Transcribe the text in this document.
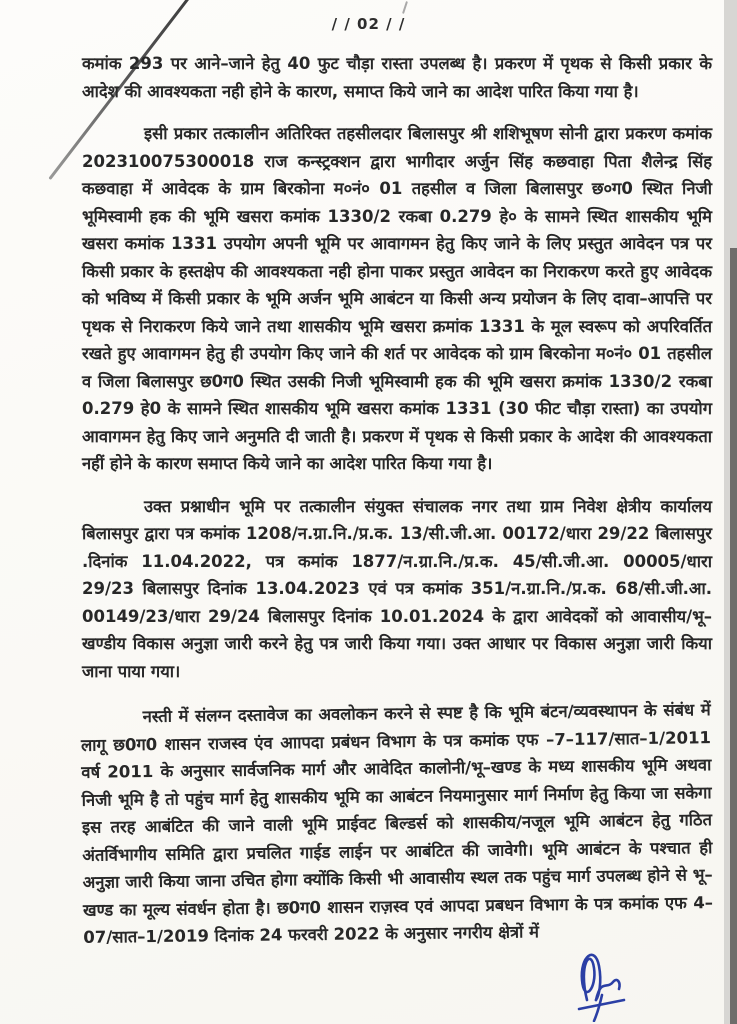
/ / 02 / /

कमांक 293 पर आने–जाने हेतु 40 फुट चौड़ा रास्ता उपलब्ध है। प्रकरण में पृथक से किसी प्रकार के आदेश की आवश्यकता नही होने के कारण, समाप्त किये जाने का आदेश पारित किया गया है।

इसी प्रकार तत्कालीन अतिरिक्त तहसीलदार बिलासपुर श्री शशिभूषण सोनी द्वारा प्रकरण कमांक 202310075300018 राज कन्स्ट्रक्शन द्वारा भागीदार अर्जुन सिंह कछवाहा पिता शैलेन्द्र सिंह कछवाहा में आवेदक के ग्राम बिरकोना म०नं० 01 तहसील व जिला बिलासपुर छ०ग0 स्थित निजी भूमिस्वामी हक की भूमि खसरा कमांक 1330/2 रकबा 0.279 हे० के सामने स्थित शासकीय भूमि खसरा कमांक 1331 उपयोग अपनी भूमि पर आवागमन हेतु किए जाने के लिए प्रस्तुत आवेदन पत्र पर किसी प्रकार के हस्तक्षेप की आवश्यकता नही होना पाकर प्रस्तुत आवेदन का निराकरण करते हुए आवेदक को भविष्य में किसी प्रकार के भूमि अर्जन भूमि आबंटन या किसी अन्य प्रयोजन के लिए दावा–आपत्ति पर पृथक से निराकरण किये जाने तथा शासकीय भूमि खसरा क्रमांक 1331 के मूल स्वरूप को अपरिवर्तित रखते हुए आवागमन हेतु ही उपयोग किए जाने की शर्त पर आवेदक को ग्राम बिरकोना म०नं० 01 तहसील व जिला बिलासपुर छ0ग0 स्थित उसकी निजी भूमिस्वामी हक की भूमि खसरा क्रमांक 1330/2 रकबा 0.279 हे0 के सामने स्थित शासकीय भूमि खसरा कमांक 1331 (30 फीट चौड़ा रास्ता) का उपयोग आवागमन हेतु किए जाने अनुमति दी जाती है। प्रकरण में पृथक से किसी प्रकार के आदेश की आवश्यकता नहीं होने के कारण समाप्त किये जाने का आदेश पारित किया गया है।

उक्त प्रश्नाधीन भूमि पर तत्कालीन संयुक्त संचालक नगर तथा ग्राम निवेश क्षेत्रीय कार्यालय बिलासपुर द्वारा पत्र कमांक 1208/न.ग्रा.नि./प्र.क. 13/सी.जी.आ. 00172/धारा 29/22 बिलासपुर .दिनांक 11.04.2022, पत्र कमांक 1877/न.ग्रा.नि./प्र.क. 45/सी.जी.आ. 00005/धारा 29/23 बिलासपुर दिनांक 13.04.2023 एवं पत्र कमांक 351/न.ग्रा.नि./प्र.क. 68/सी.जी.आ. 00149/23/धारा 29/24 बिलासपुर दिनांक 10.01.2024 के द्वारा आवेदकों को आवासीय/भू–खण्डीय विकास अनुज्ञा जारी करने हेतु पत्र जारी किया गया। उक्त आधार पर विकास अनुज्ञा जारी किया जाना पाया गया।

नस्ती में संलग्न दस्तावेज का अवलोकन करने से स्पष्ट है कि भूमि बंटन/व्यवस्थापन के संबंध में लागू छ0ग0 शासन राजस्व एंव आापदा प्रबंधन विभाग के पत्र कमांक एफ –7–117/सात–1/2011 वर्ष 2011 के अनुसार सार्वजनिक मार्ग और आवेदित कालोनी/भू–खण्ड के मध्य शासकीय भूमि अथवा निजी भूमि है तो पहुंच मार्ग हेतु शासकीय भूमि का आबंटन नियमानुसार मार्ग निर्माण हेतु किया जा सकेगा इस तरह आबंटित की जाने वाली भूमि प्राईवट बिल्डर्स को शासकीय/नजूल भूमि आबंटन हेतु गठित अंतर्विभागीय समिति द्वारा प्रचलित गाईड लाईन पर आबंटित की जावेगी। भूमि आबंटन के पश्चात ही अनुज्ञा जारी किया जाना उचित होगा क्योंकि किसी भी आवासीय स्थल तक पहुंच मार्ग उपलब्ध होने से भू–खण्ड का मूल्य संवर्धन होता है। छ0ग0 शासन राज़स्व एवं आपदा प्रबधन विभाग के पत्र कमांक एफ 4–07/सात–1/2019 दिनांक 24 फरवरी 2022 के अनुसार नगरीय क्षेत्रों में
